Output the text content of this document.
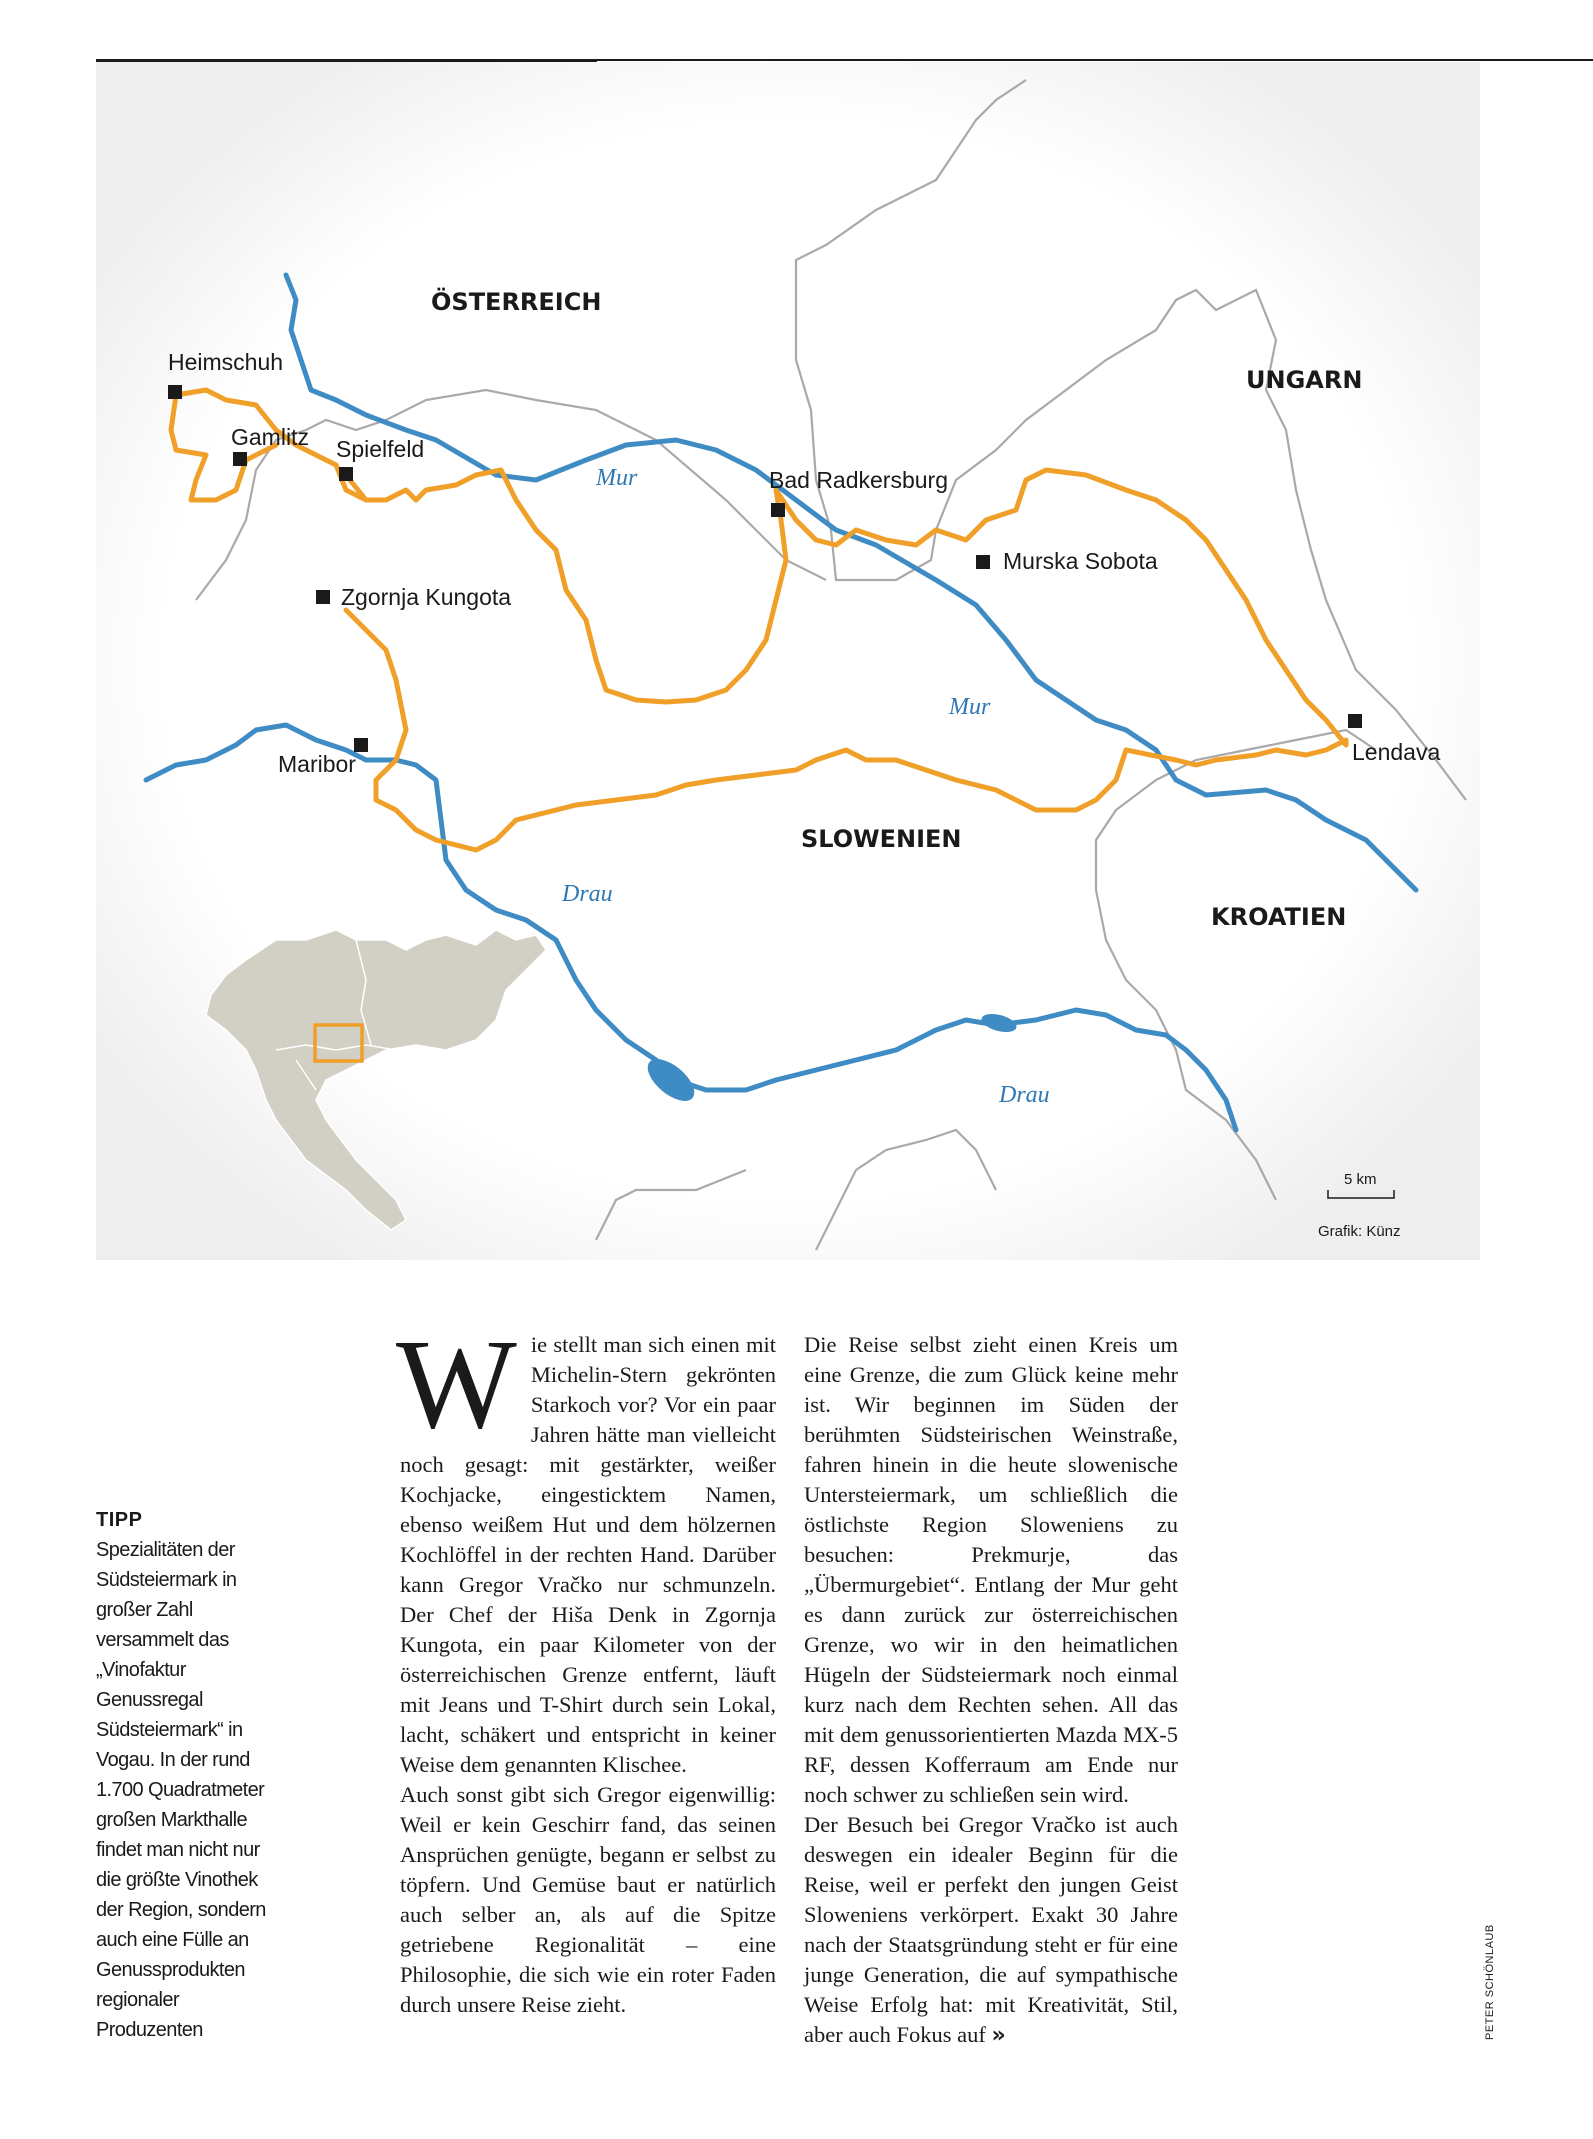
ÖSTERREICH
UNGARN
SLOWENIEN
KROATIEN
Heimschuh
Gamlitz Spielfeld
Bad Radkersburg
Murska Sobota
Zgornja Kungota
Maribor	Lendava
Mur
Mur
Drau
Drau
5 km
Grafik: Künz
TIPP
Spezialitäten der Südsteiermark in großer Zahl versammelt das „Vinofaktur Genussregal Südsteiermark“ in Vogau. In der rund 1.700 Quadratmeter großen Markthalle findet man nicht nur die größte Vinothek der Region, sondern auch eine Fülle an Genussprodukten regionaler Produzenten

Wie stellt man sich einen mit Michelin-Stern gekrönten Starkoch vor? Vor ein paar Jahren hätte man vielleicht noch gesagt: mit gestärkter, weißer Kochjacke, eingesticktem Namen, ebenso weißem Hut und dem hölzernen Kochlöffel in der rechten Hand. Darüber kann Gregor Vračko nur schmunzeln. Der Chef der Hiša Denk in Zgornja Kungota, ein paar Kilometer von der österreichischen Grenze entfernt, läuft mit Jeans und T-Shirt durch sein Lokal, lacht, schäkert und entspricht in keiner Weise dem genannten Klischee.

Auch sonst gibt sich Gregor eigenwillig: Weil er kein Geschirr fand, das seinen Ansprüchen genügte, begann er selbst zu töpfern. Und Gemüse baut er natürlich auch selber an, als auf die Spitze getriebene Regionalität – eine Philosophie, die sich wie ein roter Faden durch unsere Reise zieht.

Die Reise selbst zieht einen Kreis um eine Grenze, die zum Glück keine mehr ist. Wir beginnen im Süden der berühmten Südsteirischen Weinstraße, fahren hinein in die heute slowenische Untersteiermark, um schließlich die östlichste Region Sloweniens zu besuchen: Prekmurje, das „Übermurgebiet“. Entlang der Mur geht es dann zurück zur österreichischen Grenze, wo wir in den heimatlichen Hügeln der Südsteiermark noch einmal kurz nach dem Rechten sehen. All das mit dem genussorientierten Mazda MX-5 RF, dessen Kofferraum am Ende nur noch schwer zu schließen sein wird.

Der Besuch bei Gregor Vračko ist auch deswegen ein idealer Beginn für die Reise, weil er perfekt den jungen Geist Sloweniens verkörpert. Exakt 30 Jahre nach der Staatsgründung steht er für eine junge Generation, die auf sympathische Weise Erfolg hat: mit Kreativität, Stil, aber auch Fokus auf »	PETER SCHÖNLAUB
